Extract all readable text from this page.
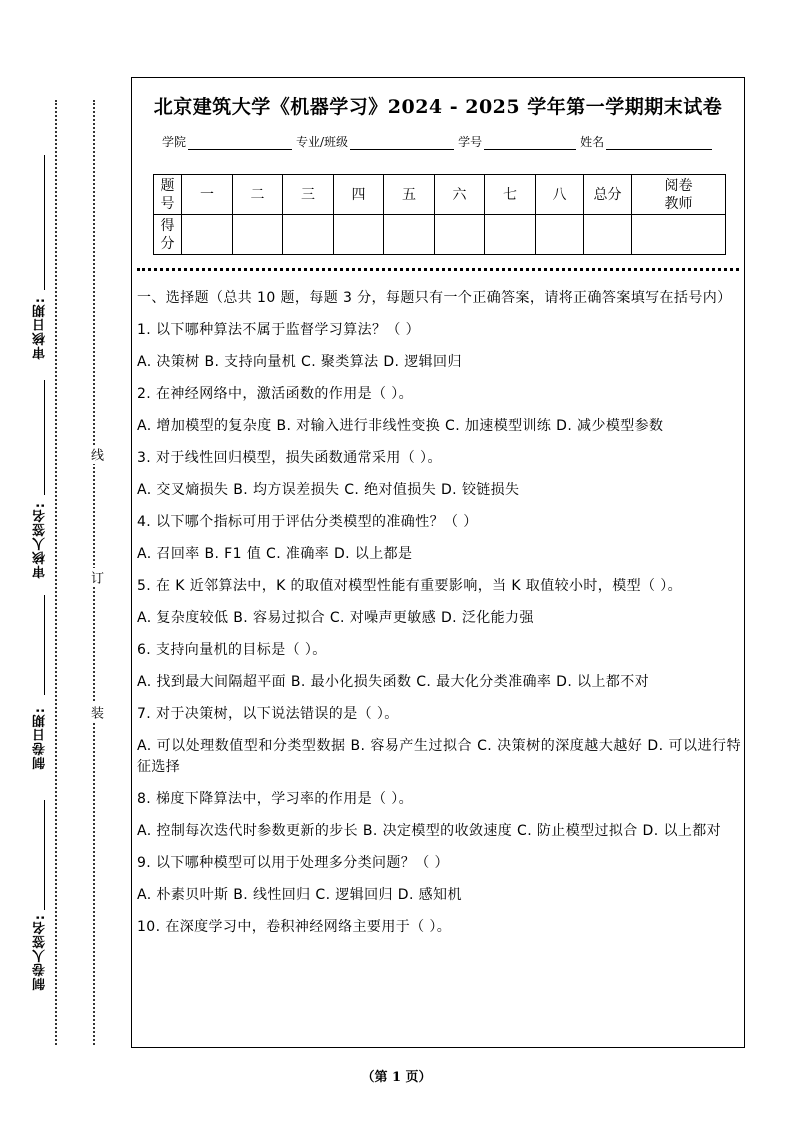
审核日期:
审核人签名:
制卷日期:
制卷人签名:
线
订
装
北京建筑大学《机器学习》2024 - 2025 学年第一学期期末试卷
学院	专业/班级	学号	姓名
题号	一	二	三	四	五	六	七	八	总分	阅卷教师
得分										

一、选择题（总共 10 题，每题 3 分，每题只有一个正确答案，请将正确答案填写在括号内）

1. 以下哪种算法不属于监督学习算法？（ ）

A. 决策树 B. 支持向量机 C. 聚类算法 D. 逻辑回归

2. 在神经网络中，激活函数的作用是（ ）。

A. 增加模型的复杂度 B. 对输入进行非线性变换 C. 加速模型训练 D. 减少模型参数

3. 对于线性回归模型，损失函数通常采用（ ）。

A. 交叉熵损失 B. 均方误差损失 C. 绝对值损失 D. 铰链损失

4. 以下哪个指标可用于评估分类模型的准确性？（ ）

A. 召回率 B. F1 值 C. 准确率 D. 以上都是

5. 在 K 近邻算法中，K 的取值对模型性能有重要影响，当 K 取值较小时，模型（ ）。

A. 复杂度较低 B. 容易过拟合 C. 对噪声更敏感 D. 泛化能力强

6. 支持向量机的目标是（ ）。

A. 找到最大间隔超平面 B. 最小化损失函数 C. 最大化分类准确率 D. 以上都不对

7. 对于决策树，以下说法错误的是（ ）。

A. 可以处理数值型和分类型数据 B. 容易产生过拟合 C. 决策树的深度越大越好 D. 可以进行特征选择

8. 梯度下降算法中，学习率的作用是（ ）。

A. 控制每次迭代时参数更新的步长 B. 决定模型的收敛速度 C. 防止模型过拟合 D. 以上都对

9. 以下哪种模型可以用于处理多分类问题？（ ）

A. 朴素贝叶斯 B. 线性回归 C. 逻辑回归 D. 感知机

10. 在深度学习中，卷积神经网络主要用于（ ）。

（第 1 页）
